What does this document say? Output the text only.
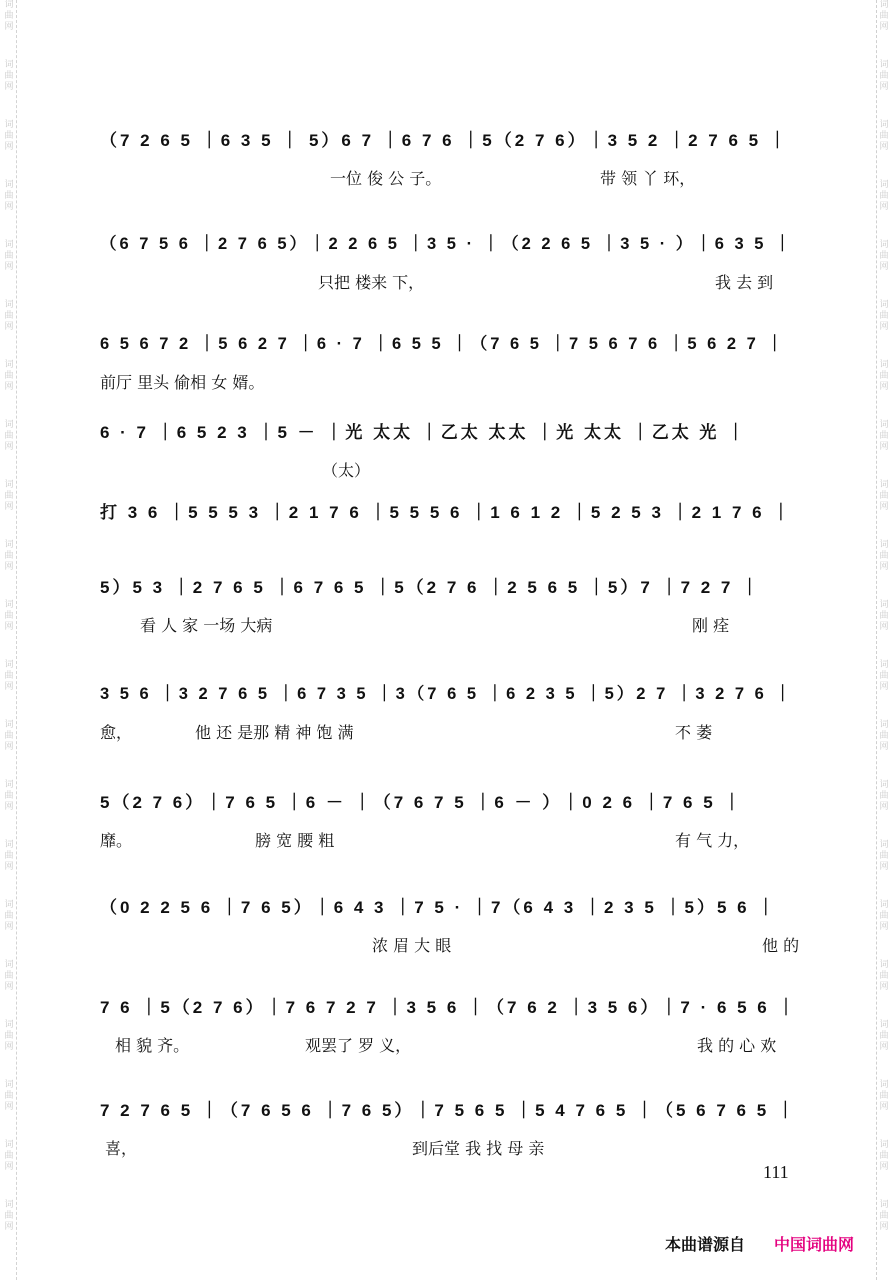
词
曲
网
词
曲
网
词
曲
网
词
曲
网
词
曲
网
词
曲
网
词
曲
网
词
曲
网
词
曲
网
词
曲
网
词
曲
网
词
曲
网
词
曲
网
词
曲
网
词
曲
网
词
曲
网
词
曲
网
词
曲
网
词
曲
网
词
曲
网
词
曲
网
词
曲
网
词
曲
网
词
曲
网
词
曲
网
词
曲
网
词
曲
网
词
曲
网
词
曲
网
词
曲
网
词
曲
网
词
曲
网
词
曲
网
词
曲
网
词
曲
网
词
曲
网
词
曲
网
词
曲
网
词
曲
网
词
曲
网
词
曲
网
词
曲
网
（7 2 6 5 ｜6 3 5 ｜ 5）6 7 ｜6 7 6 ｜5（2 7 6）｜3 5 2 ｜2 7 6 5 ｜
一位 俊 公 子。	带 领 丫 环，
（6 7 5 6 ｜2 7 6 5）｜2 2 6 5 ｜3 5 · ｜（2 2 6 5 ｜3 5 · ）｜6 3 5 ｜
只把 楼来 下，	我 去 到
6 5 6 7 2 ｜5 6 2 7 ｜6 · 7 ｜6 5 5 ｜（7 6 5 ｜7 5 6 7 6 ｜5 6 2 7 ｜
前厅 里头 偷相 女 婿。
6 · 7 ｜6 5 2 3 ｜5 － ｜光 太太 ｜乙太 太太 ｜光 太太 ｜乙太 光 ｜
（太）
打 3 6 ｜5 5 5 3 ｜2 1 7 6 ｜5 5 5 6 ｜1 6 1 2 ｜5 2 5 3 ｜2 1 7 6 ｜
5）5 3 ｜2 7 6 5 ｜6 7 6 5 ｜5（2 7 6 ｜2 5 6 5 ｜5）7 ｜7 2 7 ｜
看 人 家 一场 大病	刚 痊
3 5 6 ｜3 2 7 6 5 ｜6 7 3 5 ｜3（7 6 5 ｜6 2 3 5 ｜5）2 7 ｜3 2 7 6 ｜
愈，	他 还 是那 精 神 饱 满	不 萎
5（2 7 6）｜7 6 5 ｜6 － ｜（7 6 7 5 ｜6 － ）｜0 2 6 ｜7 6 5 ｜
靡。	膀 宽 腰 粗	有 气 力，
（0 2 2 5 6 ｜7 6 5）｜6 4 3 ｜7 5 · ｜7（6 4 3 ｜2 3 5 ｜5）5 6 ｜
浓 眉 大 眼	他 的
7 6 ｜5（2 7 6）｜7 6 7 2 7 ｜3 5 6 ｜（7 6 2 ｜3 5 6）｜7 · 6 5 6 ｜
相 貌 齐。	观罢了 罗 义，	我 的 心 欢
7 2 7 6 5 ｜（7 6 5 6 ｜7 6 5）｜7 5 6 5 ｜5 4 7 6 5 ｜（5 6 7 6 5 ｜
喜，	到后堂 我 找 母 亲
111
本曲谱源自 中国词曲网
